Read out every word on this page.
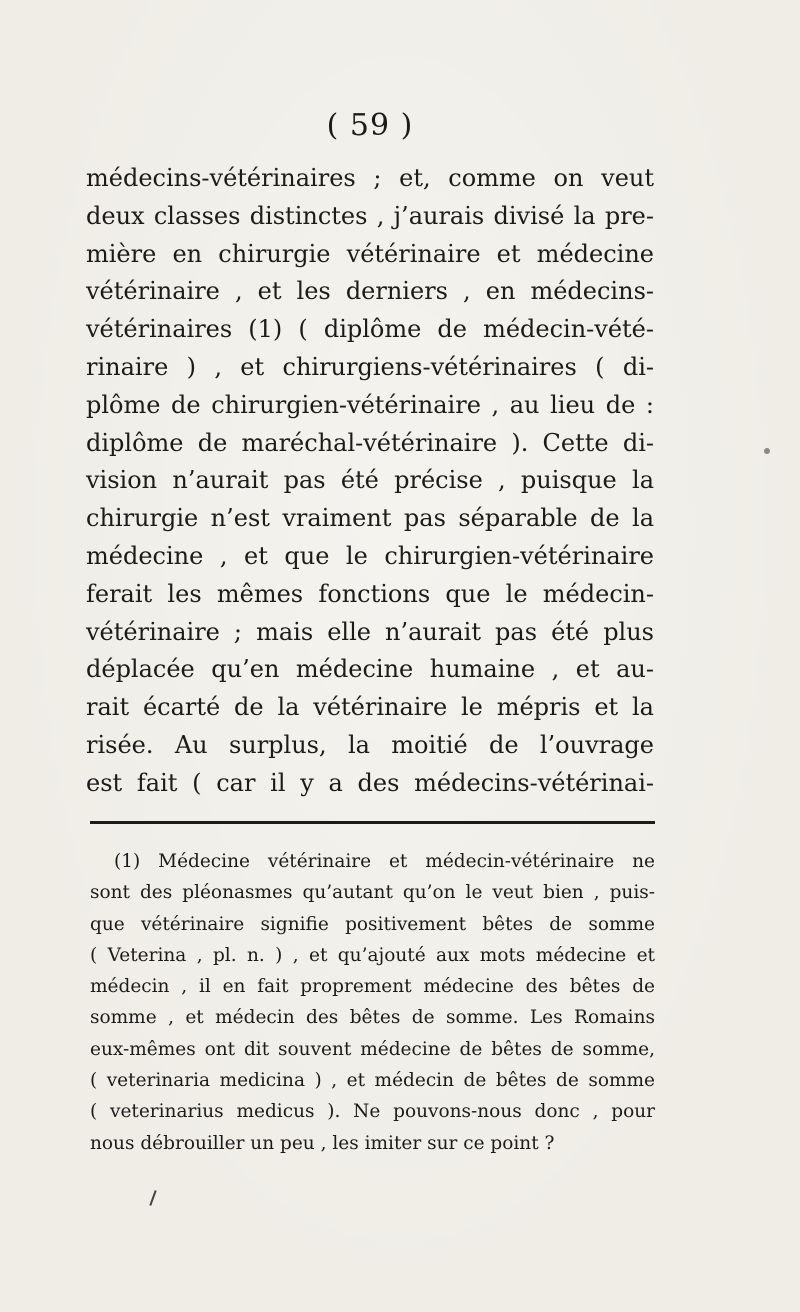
( 59 )
médecins-vétérinaires ; et, comme on veut
deux classes distinctes , j’aurais divisé la pre-
mière en chirurgie vétérinaire et médecine
vétérinaire , et les derniers , en médecins-
vétérinaires (1) ( diplôme de médecin-vété-
rinaire ) , et chirurgiens-vétérinaires ( di-
plôme de chirurgien-vétérinaire , au lieu de :
diplôme de maréchal-vétérinaire ). Cette di-
vision n’aurait pas été précise , puisque la
chirurgie n’est vraiment pas séparable de la
médecine , et que le chirurgien-vétérinaire
ferait les mêmes fonctions que le médecin-
vétérinaire ; mais elle n’aurait pas été plus
déplacée qu’en médecine humaine , et au-
rait écarté de la vétérinaire le mépris et la
risée. Au surplus, la moitié de l’ouvrage
est fait ( car il y a des médecins-vétérinai-
(1) Médecine vétérinaire et médecin-vétérinaire ne
sont des pléonasmes qu’autant qu’on le veut bien , puis-
que vétérinaire signifie positivement bêtes de somme
( Veterina , pl. n. ) , et qu’ajouté aux mots médecine et
médecin , il en fait proprement médecine des bêtes de
somme , et médecin des bêtes de somme. Les Romains
eux-mêmes ont dit souvent médecine de bêtes de somme,
( veterinaria medicina ) , et médecin de bêtes de somme
( veterinarius medicus ). Ne pouvons-nous donc , pour
nous débrouiller un peu , les imiter sur ce point ?
